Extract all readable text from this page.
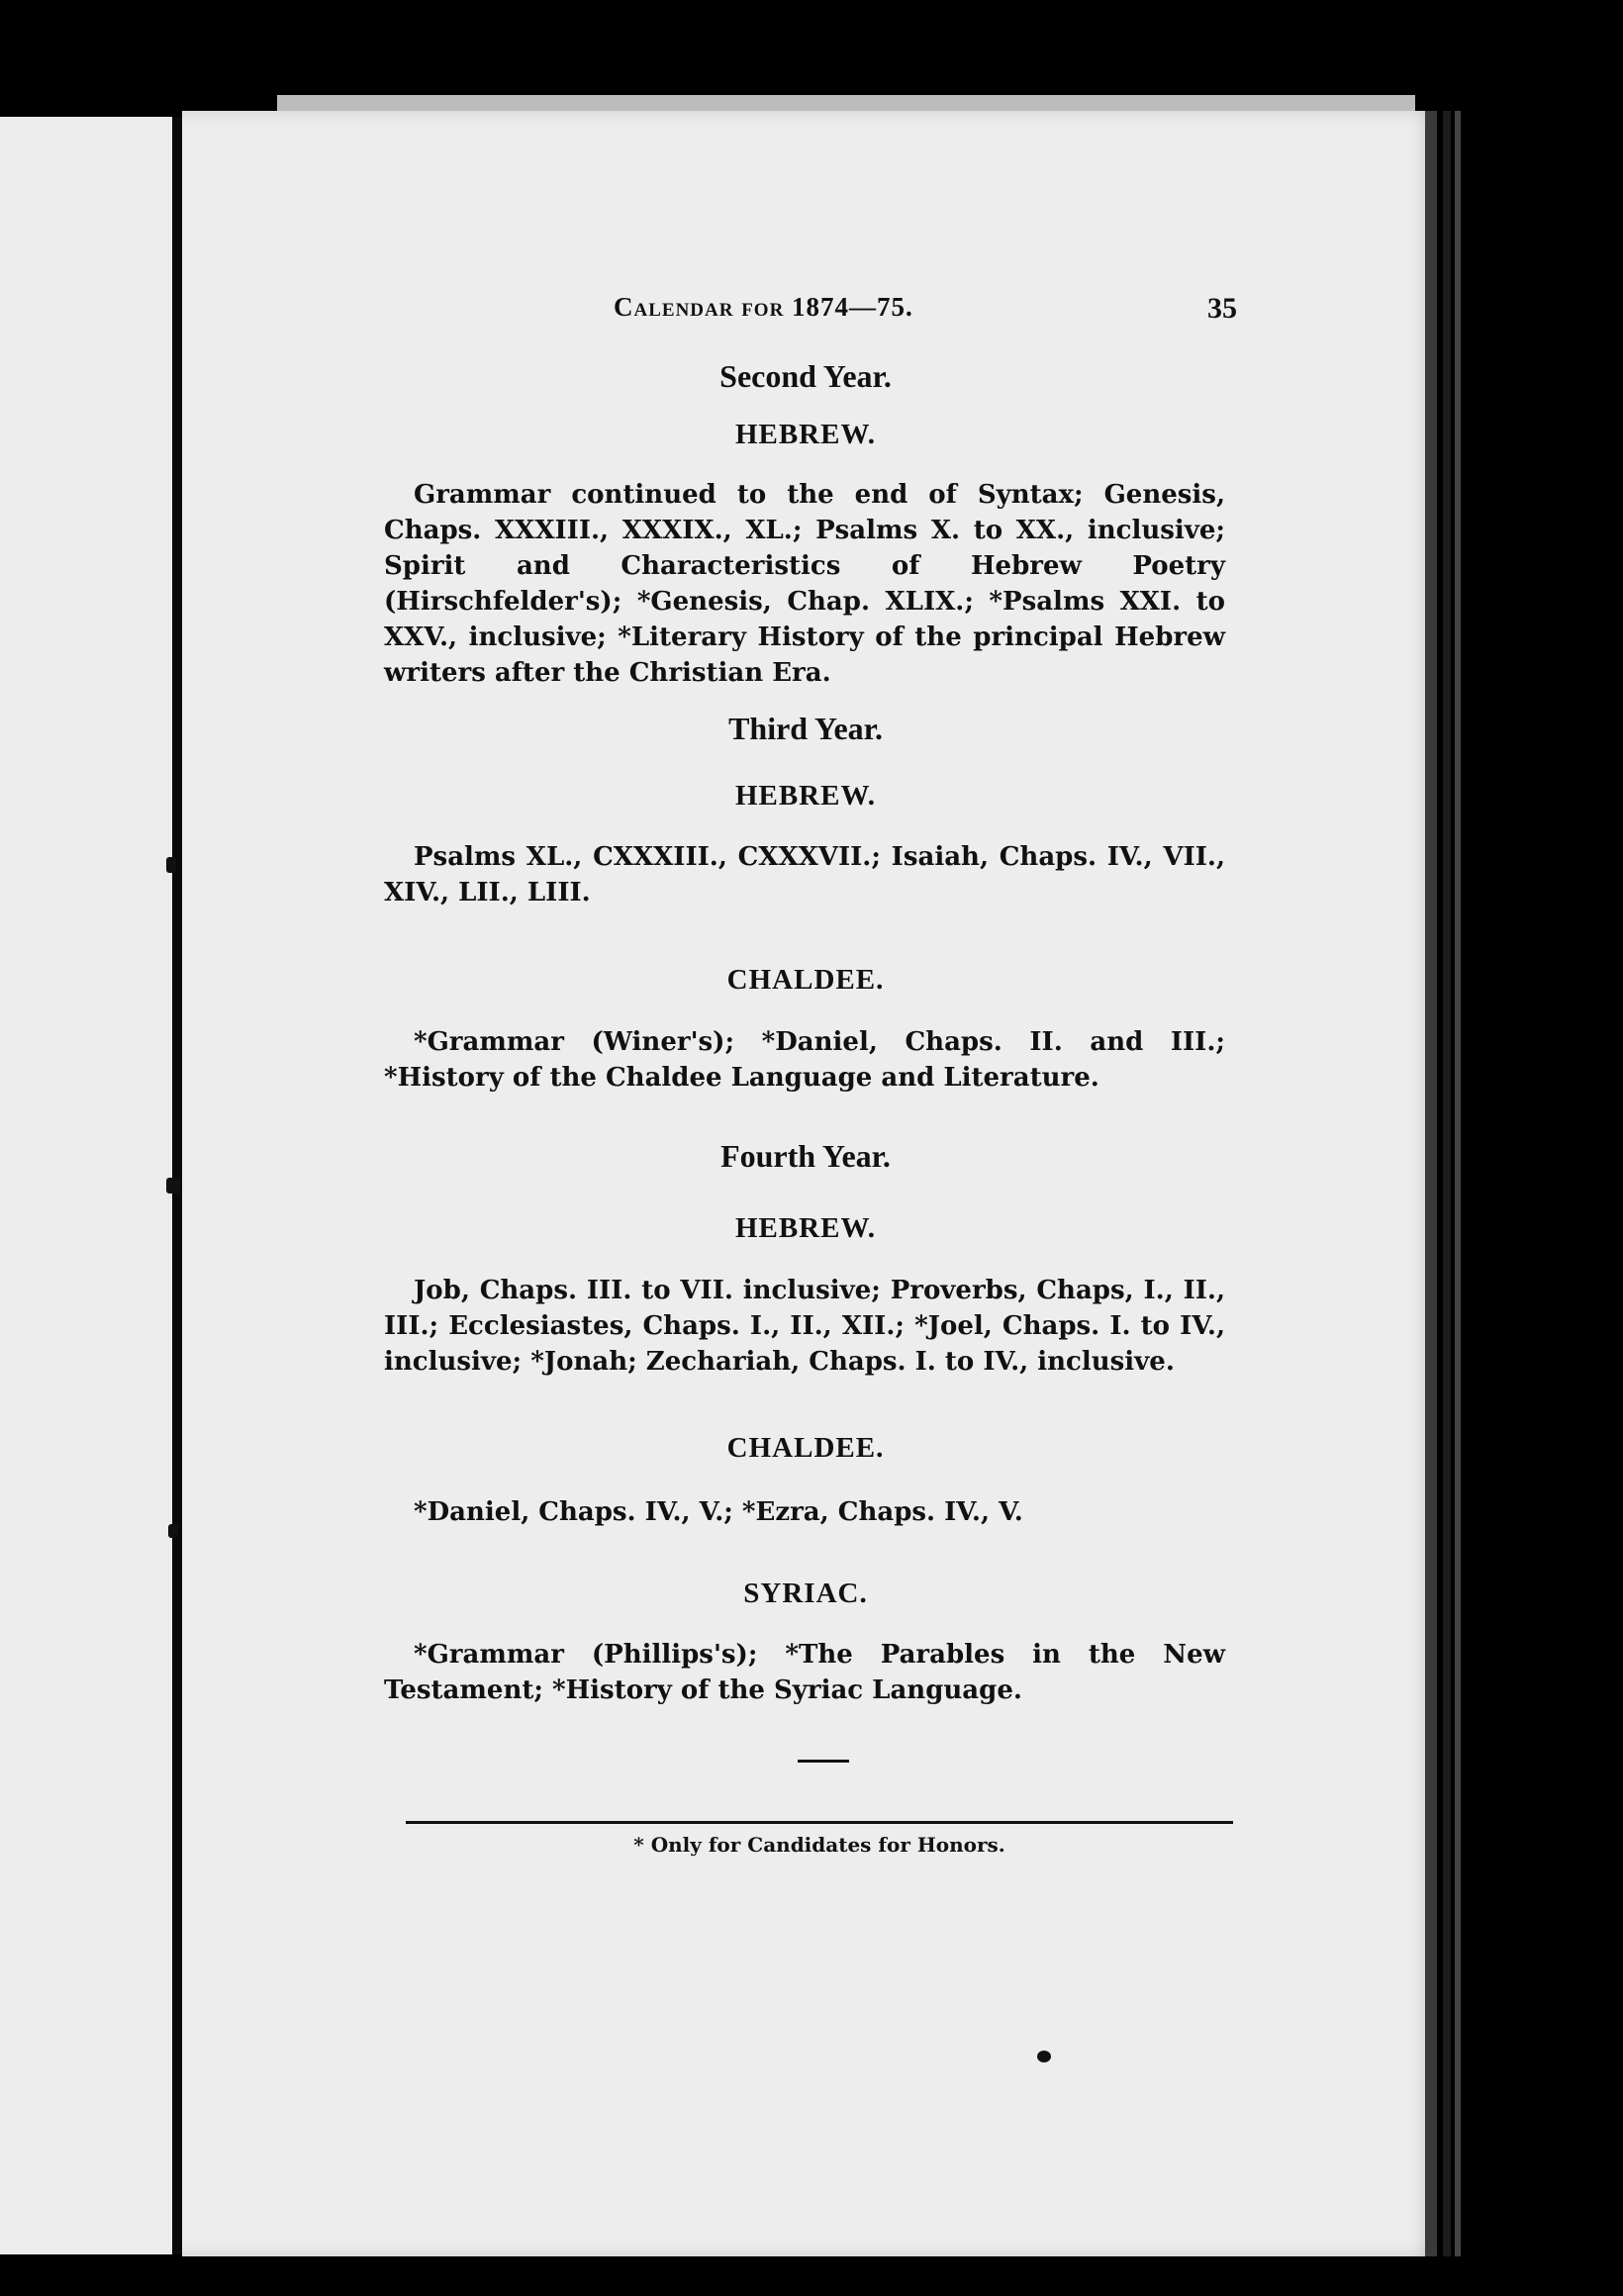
Calendar for 1874—75.	35
Second Year.
HEBREW.
Grammar continued to the end of Syntax; Genesis, Chaps. XXXIII., XXXIX., XL.; Psalms X. to XX., inclusive; Spirit and Characteristics of Hebrew Poetry (Hirschfelder's); *Genesis, Chap. XLIX.; *Psalms XXI. to XXV., inclusive; *Literary History of the principal Hebrew writers after the Christian Era.
Third Year.
HEBREW.
Psalms XL., CXXXIII., CXXXVII.; Isaiah, Chaps. IV., VII., XIV., LII., LIII.
CHALDEE.
*Grammar (Winer's); *Daniel, Chaps. II. and III.; *History of the Chaldee Language and Literature.
Fourth Year.
HEBREW.
Job, Chaps. III. to VII. inclusive; Proverbs, Chaps, I., II., III.; Ecclesiastes, Chaps. I., II., XII.; *Joel, Chaps. I. to IV., inclusive; *Jonah; Zechariah, Chaps. I. to IV., inclusive.
CHALDEE.
*Daniel, Chaps. IV., V.; *Ezra, Chaps. IV., V.
SYRIAC.
*Grammar (Phillips's); *The Parables in the New Testament; *History of the Syriac Language.
* Only for Candidates for Honors.
